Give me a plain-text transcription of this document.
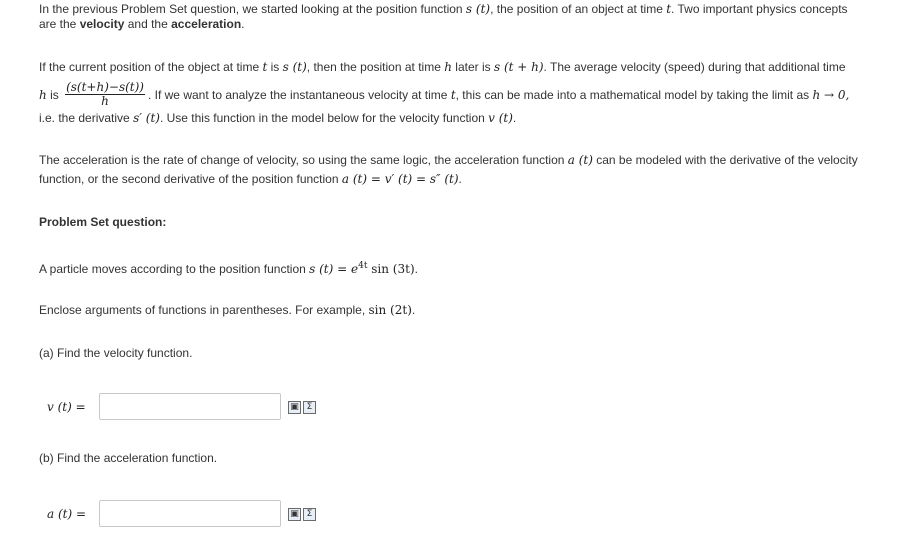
In the previous Problem Set question, we started looking at the position function s (t), the position of an object at time t. Two important physics concepts
are the velocity and the acceleration.
If the current position of the object at time t is s (t), then the position at time h later is s (t + h). The average velocity (speed) during that additional time
h is $\frac{(s(t+h)-s(t))}{h}$ . If we want to analyze the instantaneous velocity at time t, this can be made into a mathematical model by taking the limit as h → 0,
i.e. the derivative s′ (t). Use this function in the model below for the velocity function v (t).
The acceleration is the rate of change of velocity, so using the same logic, the acceleration function a (t) can be modeled with the derivative of the velocity
function, or the second derivative of the position function a (t) = v′ (t) = s″ (t).
Problem Set question:
A particle moves according to the position function s $(t) = e^{4t}$ sin (3t).
Enclose arguments of functions in parentheses. For example, sin (2t).
(a) Find the velocity function.
v (t) =	▣ Σ
(b) Find the acceleration function.
a (t) =	▣ Σ
